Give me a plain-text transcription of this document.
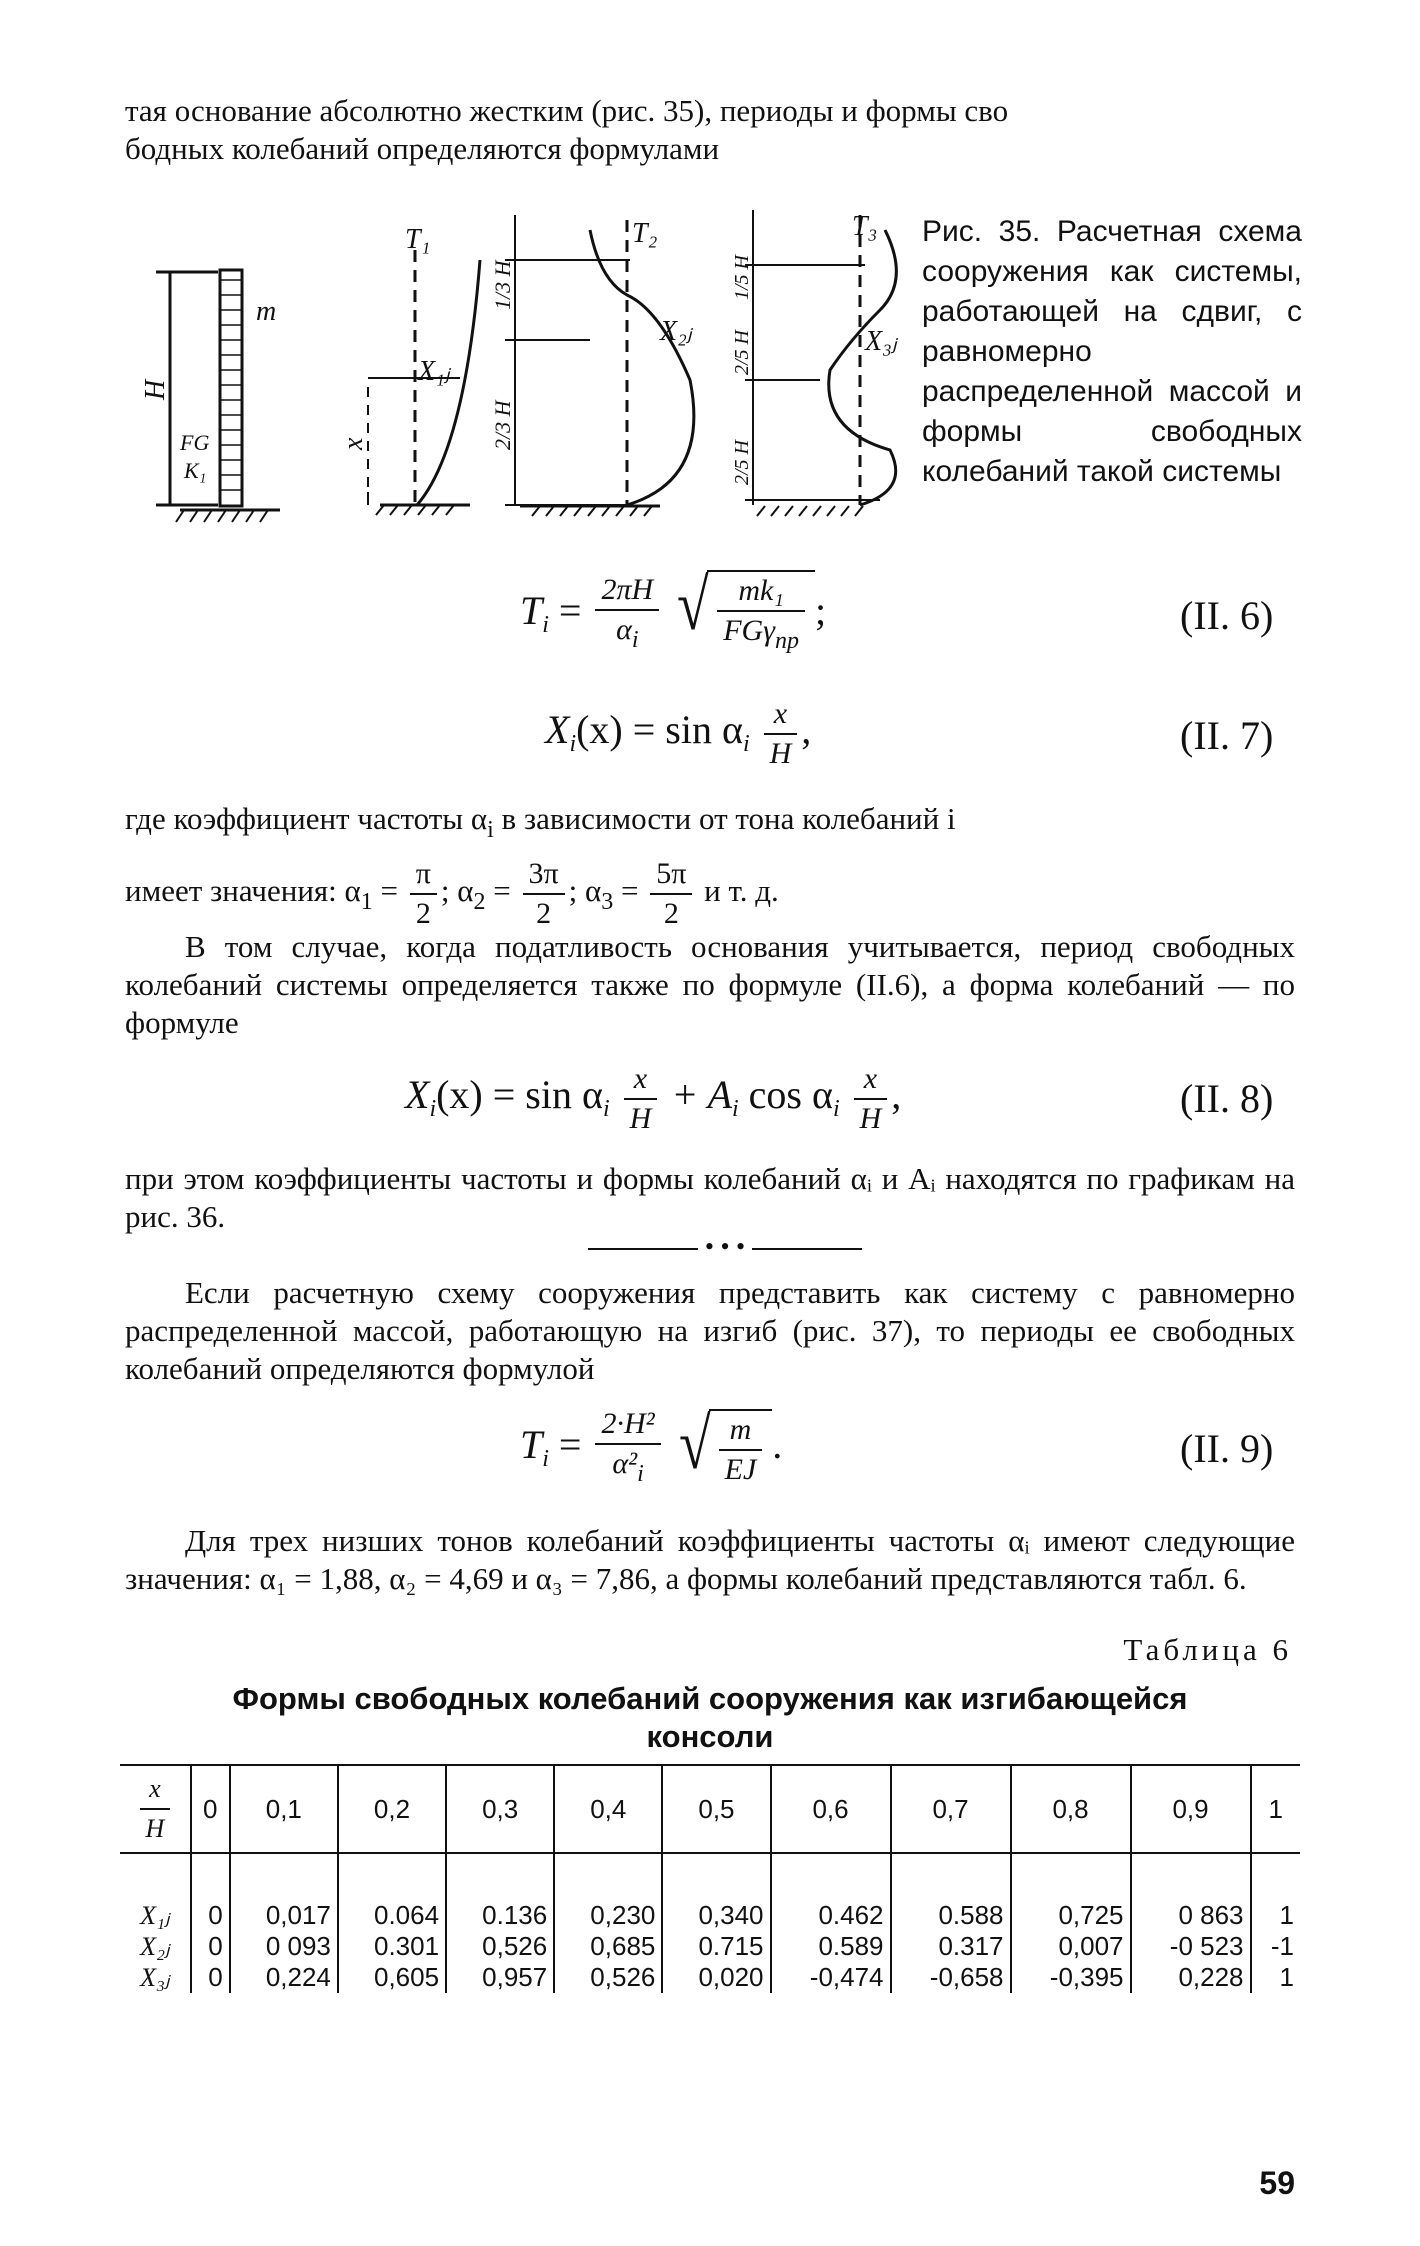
тая основание абсолютно жестким (рис. 35), периоды и формы сво
бодных колебаний определяются формулами
m
H
FG
K₁
T₁
X₁ⱼ
x
T₂
X₂ⱼ
1/3 H
2/3 H
T₃
X₃ⱼ
1/5 H
2/5 H
2/5 H
Рис. 35. Расчетная схема сооружения как системы, работающей на сдвиг, с равномерно распределенной массой и формы свободных колебаний такой системы
$T_i = \frac{2\pi H}{\alpha_i}$
√ $\frac{\text{mk₁}}{FG\gamma_{пр}}$ ;	(II. 6)
$X_i(x) = \sin \alpha_i \frac{x}{H}$ ,	(II. 7)
где коэффициент частоты $\alpha_i$ в зависимости от тона колебаний i
имеет значения: $\alpha_1 = \frac{\pi}{2}$ ; $\alpha_2 = \frac{3\pi}{2}$ ; $\alpha_3 = \frac{5\pi}{2}$ и т. д.
В том случае, когда податливость основания учитывается, период свободных колебаний системы определяется также по формуле (II.6), а форма колебаний — по формуле
$X_i(x) = \sin \alpha_i \frac{x}{H} + A_i$ $\cos \alpha_i \frac{x}{H}$ ,	(II. 8)
при этом коэффициенты частоты и формы колебаний αᵢ и Aᵢ находятся по графикам на рис. 36.
• • •
Если расчетную схему сооружения представить как систему с равномерно распределенной массой, работающую на изгиб (рис. 37), то периоды ее свободных колебаний определяются формулой
$T_i = \frac{\text{2·H²}}{\alpha^2_i}$
√ $\frac{m}{EJ}$ .	(II. 9)
Для трех низших тонов колебаний коэффициенты частоты αᵢ имеют следующие значения: α₁ = 1,88, α₂ = 4,69 и α₃ = 7,86, а формы колебаний представляются табл. 6.
Таблица 6
Формы свободных колебаний сооружения как изгибающейся
консоли
$\frac{x}{H}$	0	0,1	0,2	0,3	0,4	0,5	0,6	0,7	0,8	0,9	1

X₁ⱼ	0	0,017	0.064	0.136	0,230	0,340	0.462	0.588	0,725	0 863	1
X₂ⱼ	0	0 093	0.301	0,526	0,685	0.715	0.589	0.317	0,007	-0 523	-1
X₃ⱼ	0	0,224	0,605	0,957	0,526	0,020	-0,474	-0,658	-0,395	0,228	1
59
